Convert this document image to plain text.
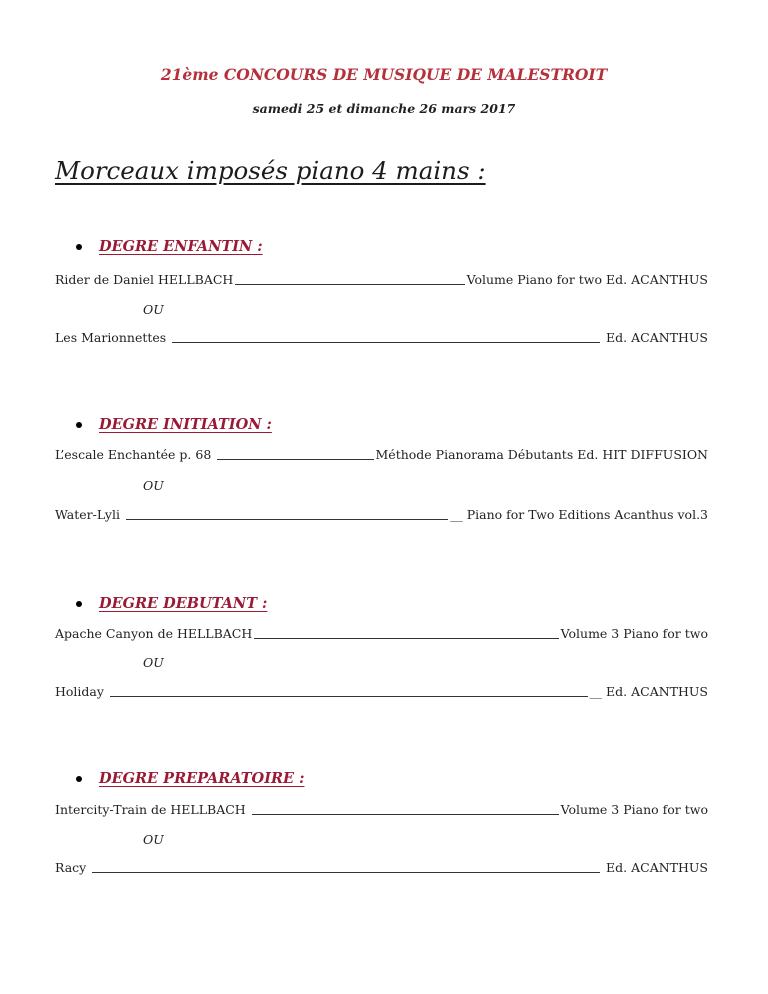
21ème CONCOURS DE MUSIQUE DE MALESTROIT
samedi 25 et dimanche 26 mars 2017
Morceaux imposés piano 4 mains :
DEGRE ENFANTIN :
Rider de Daniel HELLBACH	Volume Piano for two Ed. ACANTHUS
OU
Les Marionnettes	Ed. ACANTHUS
DEGRE INITIATION :
L’escale Enchantée p. 68	Méthode Pianorama Débutants Ed. HIT DIFFUSION
OU
Water-Lyli	__ Piano for Two Editions Acanthus vol.3
DEGRE DEBUTANT :
Apache Canyon de HELLBACH	Volume 3 Piano for two
OU
Holiday	__ Ed. ACANTHUS
DEGRE PREPARATOIRE :
Intercity-Train de HELLBACH	Volume 3 Piano for two
OU
Racy	Ed. ACANTHUS
